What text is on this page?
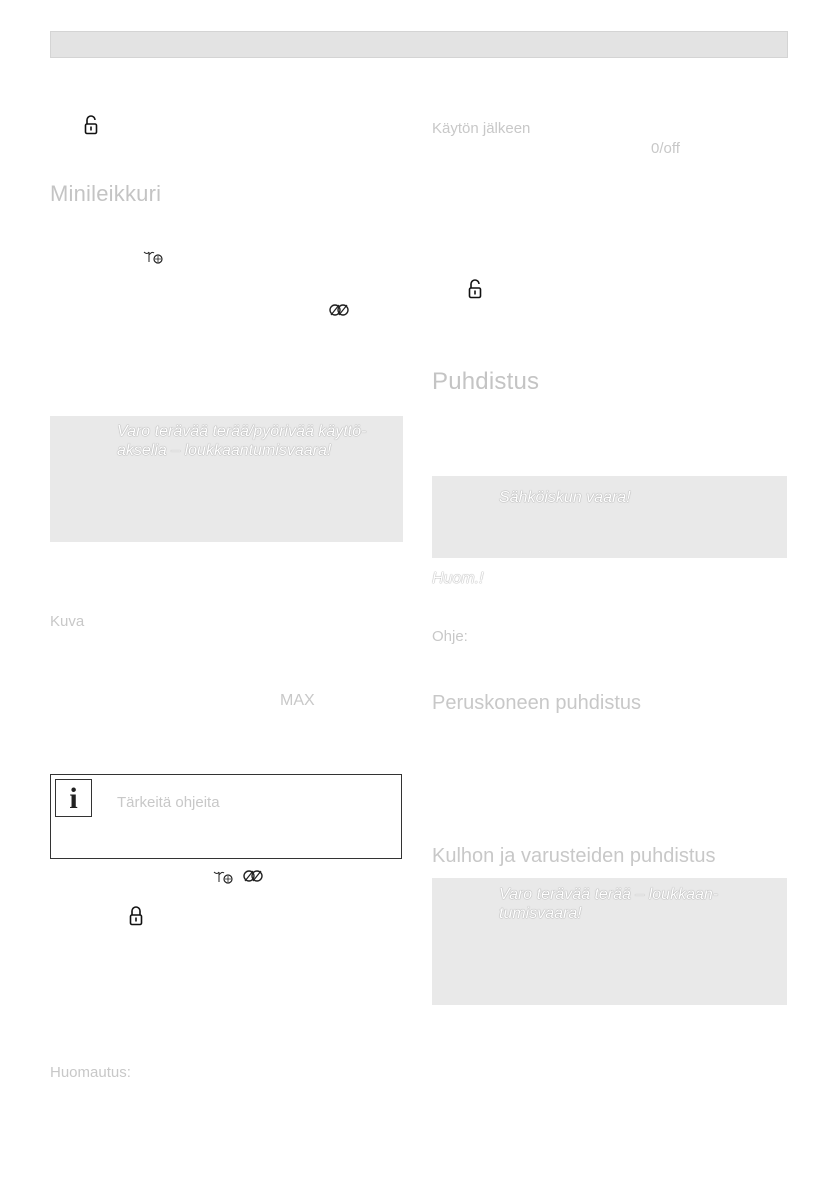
Minileikkuri
Varo terävää terää/pyörivää käyttö-akselia – loukkaantumisvaara!
Kuva
MAX
i	Tärkeitä ohjeita
Huomautus:
Käytön jälkeen
0/off
Puhdistus
Sähköiskun vaara!
Huom.!
Ohje:
Peruskoneen puhdistus
Kulhon ja varusteiden puhdistus
Varo terävää terää – loukkaan-tumisvaara!
